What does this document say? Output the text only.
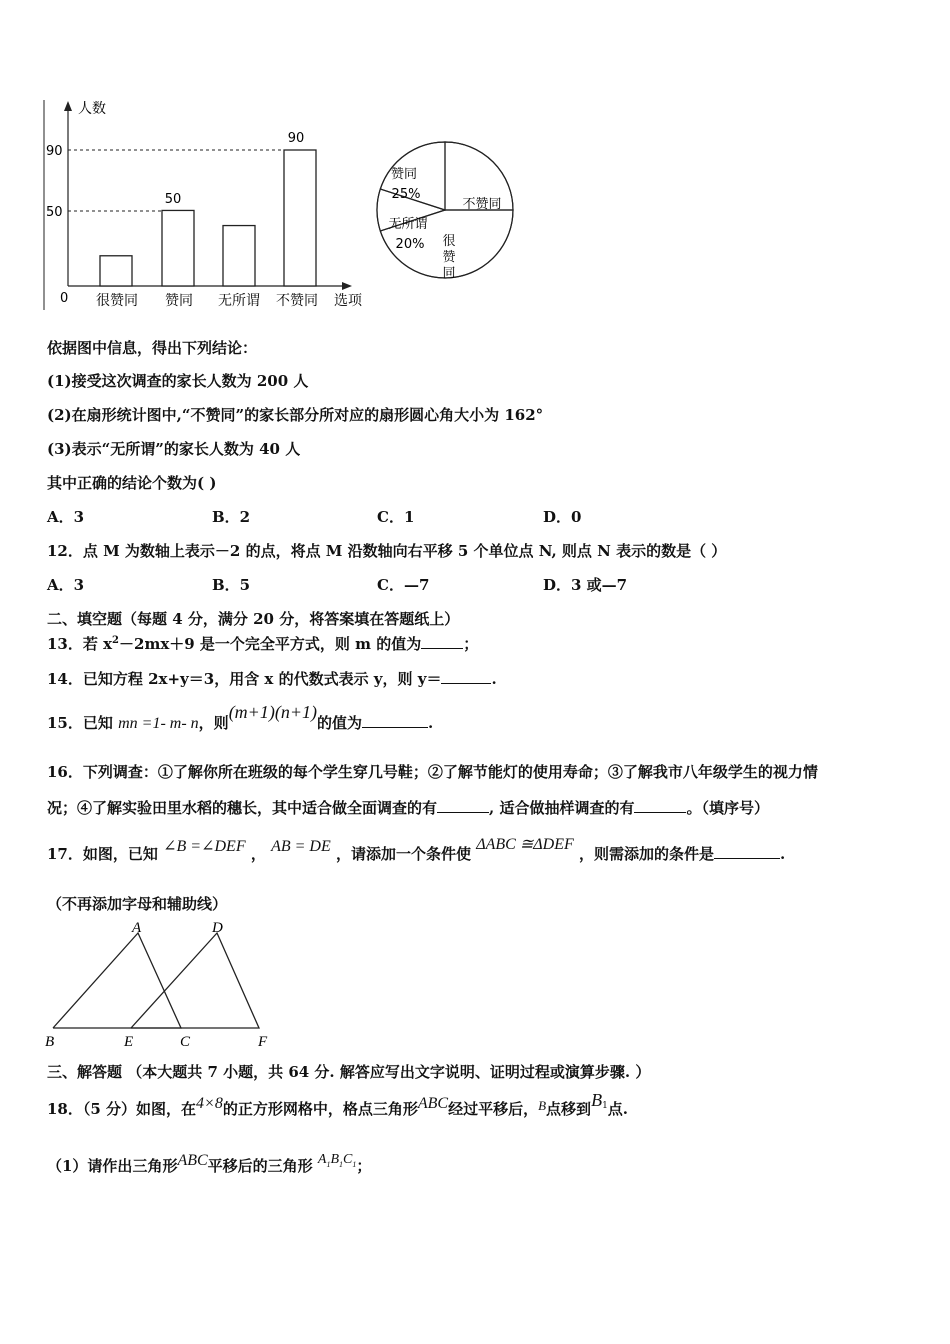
人数
选项
0
90
50
50
90
很赞同 赞同 无所谓 不赞同
赞同
25%
不赞同
无所谓
20% 很
赞
同
依据图中信息，得出下列结论：
(1)接受这次调查的家长人数为 200 人
(2)在扇形统计图中,“不赞同”的家长部分所对应的扇形圆心角大小为 162°
(3)表示“无所谓”的家长人数为 40 人
其中正确的结论个数为( )
A．3	B．2	C．1	D．0
12．点 M 为数轴上表示－2 的点，将点 M 沿数轴向右平移 5 个单位点 N, 则点 N 表示的数是（ ）
A．3	B．5	C．—7	D．3 或—7
二、填空题（每题 4 分，满分 20 分，将答案填在答题纸上）
13．若 $x^2-2mx+9$ 是一个完全平方式，则 m 的值为	；
14．已知方程 2x+y＝3，用含 x 的代数式表示 y，则 y＝	.
15．已知 mn =1- m- n，则(m+1)(n+1)的值为	.
16．下列调查：①了解你所在班级的每个学生穿几号鞋；②了解节能灯的使用寿命；③了解我市八年级学生的视力情
况；④了解实验田里水稻的穗长，其中适合做全面调查的有	, 适合做抽样调查的有	。（填序号）
17．如图，已知 ∠B =∠DEF ， AB = DE ，请添加一个条件使 ΔABC ≅ΔDEF ，则需添加的条件是	.
（不再添加字母和辅助线）
A	D
B	E	C	F
三、解答题 （本大题共 7 小题，共 64 分. 解答应写出文字说明、证明过程或演算步骤. ）
18．（5 分）如图，在4×8的正方形网格中，格点三角形ABC经过平移后，B点移到$B_1$点.
（1）请作出三角形ABC平移后的三角形 $A_1B_1C_1$；
